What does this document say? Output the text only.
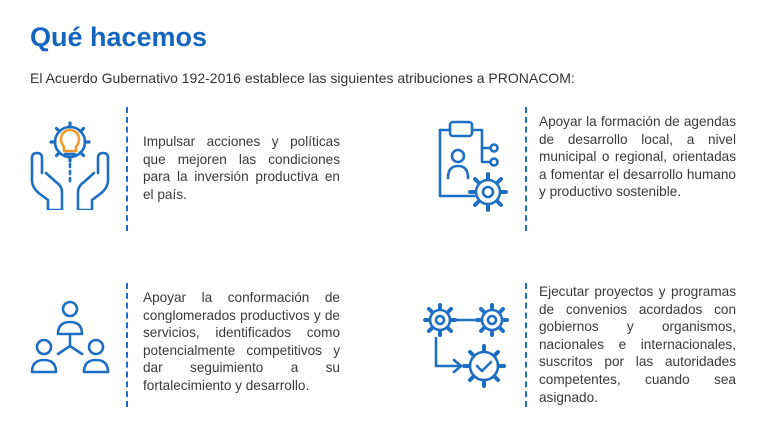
Qué hacemos
El Acuerdo Gubernativo 192-2016 establece las siguientes atribuciones a PRONACOM:
Impulsar acciones y políticas que mejoren las condiciones para la inversión productiva en el país.
Apoyar la formación de agendas de desarrollo local, a nivel municipal o regional, orientadas a fomentar el desarrollo humano y productivo sostenible.
Apoyar la conformación de conglomerados productivos y de servicios, identificados como potencialmente competitivos y dar seguimiento a su fortalecimiento y desarrollo.
Ejecutar proyectos y programas de convenios acordados con gobiernos y organismos, nacionales e internacionales, suscritos por las autoridades competentes, cuando sea asignado.
